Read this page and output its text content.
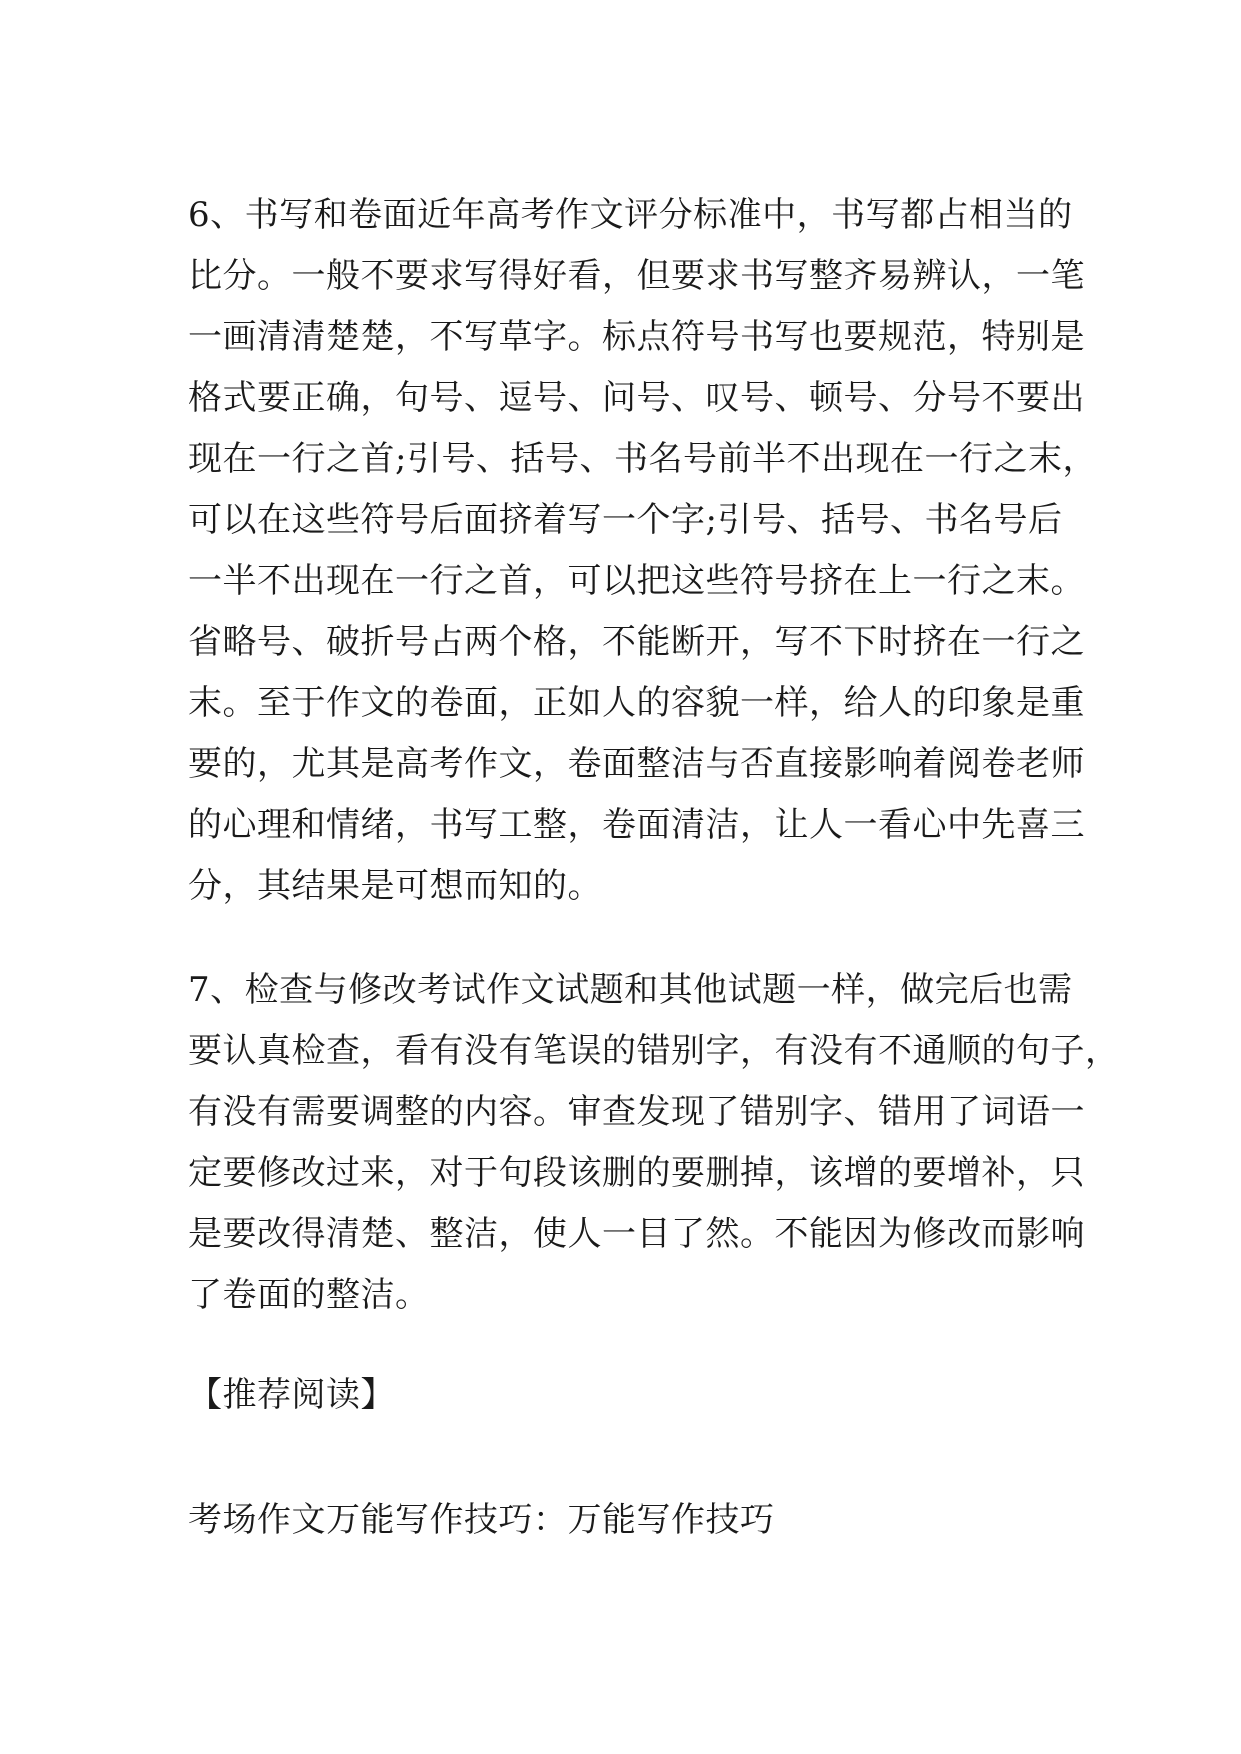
6、书写和卷面近年高考作文评分标准中，书写都占相当的
比分。一般不要求写得好看，但要求书写整齐易辨认，一笔
一画清清楚楚，不写草字。标点符号书写也要规范，特别是
格式要正确，句号、逗号、问号、叹号、顿号、分号不要出
现在一行之首;引号、括号、书名号前半不出现在一行之末，
可以在这些符号后面挤着写一个字;引号、括号、书名号后
一半不出现在一行之首，可以把这些符号挤在上一行之末。
省略号、破折号占两个格，不能断开，写不下时挤在一行之
末。至于作文的卷面，正如人的容貌一样，给人的印象是重
要的，尤其是高考作文，卷面整洁与否直接影响着阅卷老师
的心理和情绪，书写工整，卷面清洁，让人一看心中先喜三
分，其结果是可想而知的。
7、检查与修改考试作文试题和其他试题一样，做完后也需
要认真检查，看有没有笔误的错别字，有没有不通顺的句子，
有没有需要调整的内容。审查发现了错别字、错用了词语一
定要修改过来，对于句段该删的要删掉，该增的要增补，只
是要改得清楚、整洁，使人一目了然。不能因为修改而影响
了卷面的整洁。
【推荐阅读】
考场作文万能写作技巧：万能写作技巧
